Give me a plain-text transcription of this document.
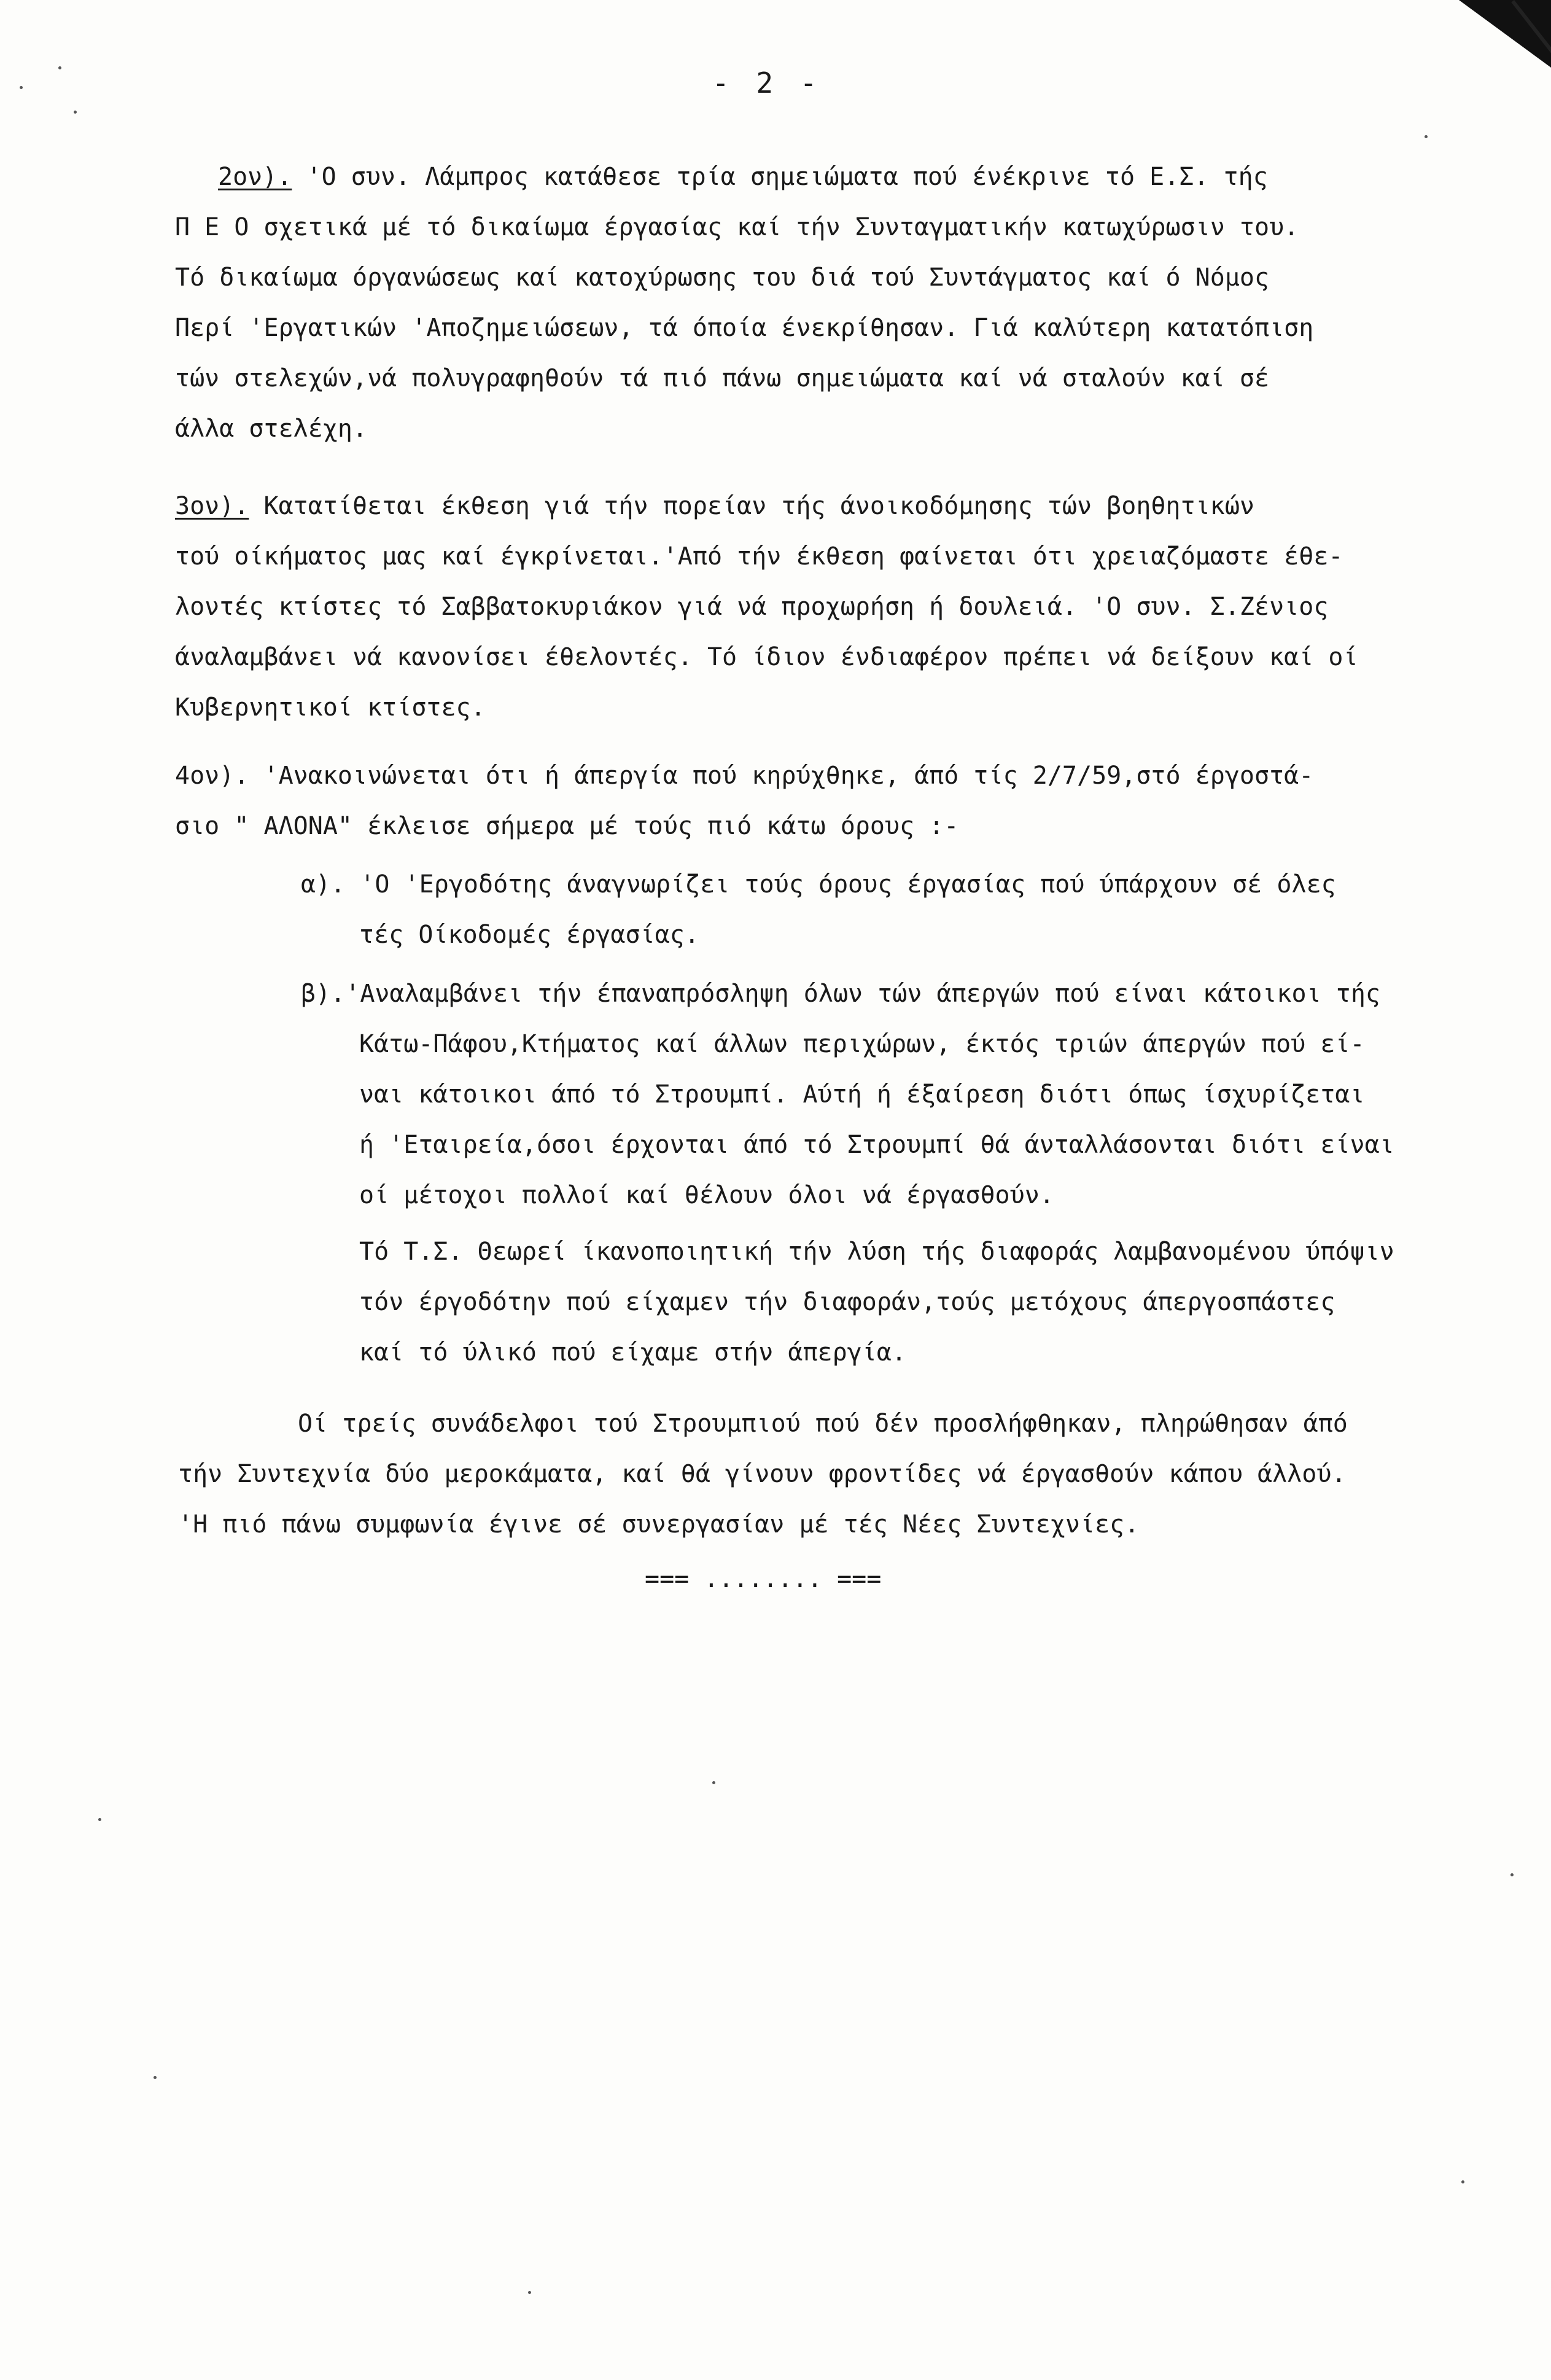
- 2 -
2ον). 'Ο συν. Λάμπρος κατάθεσε τρία σημειώματα πού ένέκρινε τό Ε.Σ. τής
Π Ε Ο σχετικά μέ τό δικαίωμα έργασίας καί τήν Συνταγματικήν κατωχύρωσιν του.
Τό δικαίωμα όργανώσεως καί κατοχύρωσης του διά τού Συντάγματος καί ό Νόμος
Περί 'Εργατικών 'Αποζημειώσεων, τά όποία ένεκρίθησαν. Γιά καλύτερη κατατόπιση
τών στελεχών,νά πολυγραφηθούν τά πιό πάνω σημειώματα καί νά σταλούν καί σέ
άλλα στελέχη.
3ον). Κατατίθεται έκθεση γιά τήν πορείαν τής άνοικοδόμησης τών βοηθητικών
τού οίκήματος μας καί έγκρίνεται.'Από τήν έκθεση φαίνεται ότι χρειαζόμαστε έθε-
λοντές κτίστες τό Σαββατοκυριάκον γιά νά προχωρήση ή δουλειά. 'Ο συν. Σ.Ζένιος
άναλαμβάνει νά κανονίσει έθελοντές. Τό ίδιον ένδιαφέρον πρέπει νά δείξουν καί οί
Κυβερνητικοί κτίστες.
4ον). 'Ανακοινώνεται ότι ή άπεργία πού κηρύχθηκε, άπό τίς 2/7/59,στό έργοστά-
σιο " ΑΛΟΝΑ" έκλεισε σήμερα μέ τούς πιό κάτω όρους :-
α). 'Ο 'Εργοδότης άναγνωρίζει τούς όρους έργασίας πού ύπάρχουν σέ όλες
τές Οίκοδομές έργασίας.
β).'Αναλαμβάνει τήν έπαναπρόσληψη όλων τών άπεργών πού είναι κάτοικοι τής
Κάτω-Πάφου,Κτήματος καί άλλων περιχώρων, έκτός τριών άπεργών πού εί-
ναι κάτοικοι άπό τό Στρουμπί. Αύτή ή έξαίρεση διότι όπως ίσχυρίζεται
ή 'Εταιρεία,όσοι έρχονται άπό τό Στρουμπί θά άνταλλάσονται διότι είναι
οί μέτοχοι πολλοί καί θέλουν όλοι νά έργασθούν.
Τό Τ.Σ. Θεωρεί ίκανοποιητική τήν λύση τής διαφοράς λαμβανομένου ύπόψιν
τόν έργοδότην πού είχαμεν τήν διαφοράν,τούς μετόχους άπεργοσπάστες
καί τό ύλικό πού είχαμε στήν άπεργία.
Οί τρείς συνάδελφοι τού Στρουμπιού πού δέν προσλήφθηκαν, πληρώθησαν άπό
τήν Συντεχνία δύο μεροκάματα, καί θά γίνουν φροντίδες νά έργασθούν κάπου άλλού.
'Η πιό πάνω συμφωνία έγινε σέ συνεργασίαν μέ τές Νέες Συντεχνίες.
=== ........ ===
